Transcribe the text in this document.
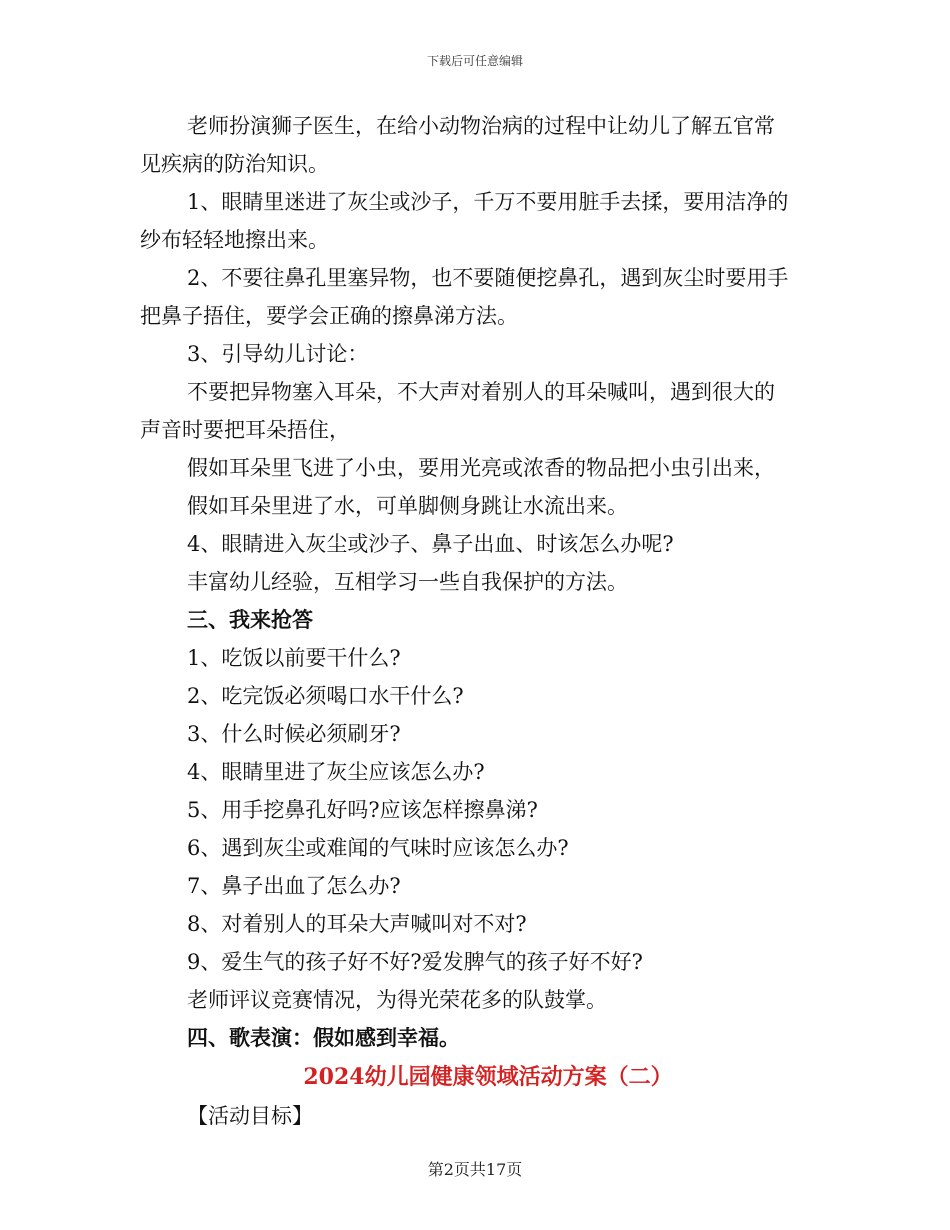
下载后可任意编辑

老师扮演狮子医生，在给小动物治病的过程中让幼儿了解五官常

见疾病的防治知识。

1、眼睛里迷进了灰尘或沙子，千万不要用脏手去揉，要用洁净的

纱布轻轻地擦出来。

2、不要往鼻孔里塞异物，也不要随便挖鼻孔，遇到灰尘时要用手

把鼻子捂住，要学会正确的擦鼻涕方法。

3、引导幼儿讨论：

不要把异物塞入耳朵，不大声对着别人的耳朵喊叫，遇到很大的

声音时要把耳朵捂住，

假如耳朵里飞进了小虫，要用光亮或浓香的物品把小虫引出来，

假如耳朵里进了水，可单脚侧身跳让水流出来。

4、眼睛进入灰尘或沙子、鼻子出血、时该怎么办呢?

丰富幼儿经验，互相学习一些自我保护的方法。

三、我来抢答

1、吃饭以前要干什么?

2、吃完饭必须喝口水干什么?

3、什么时候必须刷牙?

4、眼睛里进了灰尘应该怎么办?

5、用手挖鼻孔好吗?应该怎样擦鼻涕?

6、遇到灰尘或难闻的气味时应该怎么办?

7、鼻子出血了怎么办?

8、对着别人的耳朵大声喊叫对不对?

9、爱生气的孩子好不好?爱发脾气的孩子好不好?

老师评议竞赛情况，为得光荣花多的队鼓掌。

四、歌表演：假如感到幸福。

2024幼儿园健康领域活动方案（二）
【活动目标】
第2页共17页
